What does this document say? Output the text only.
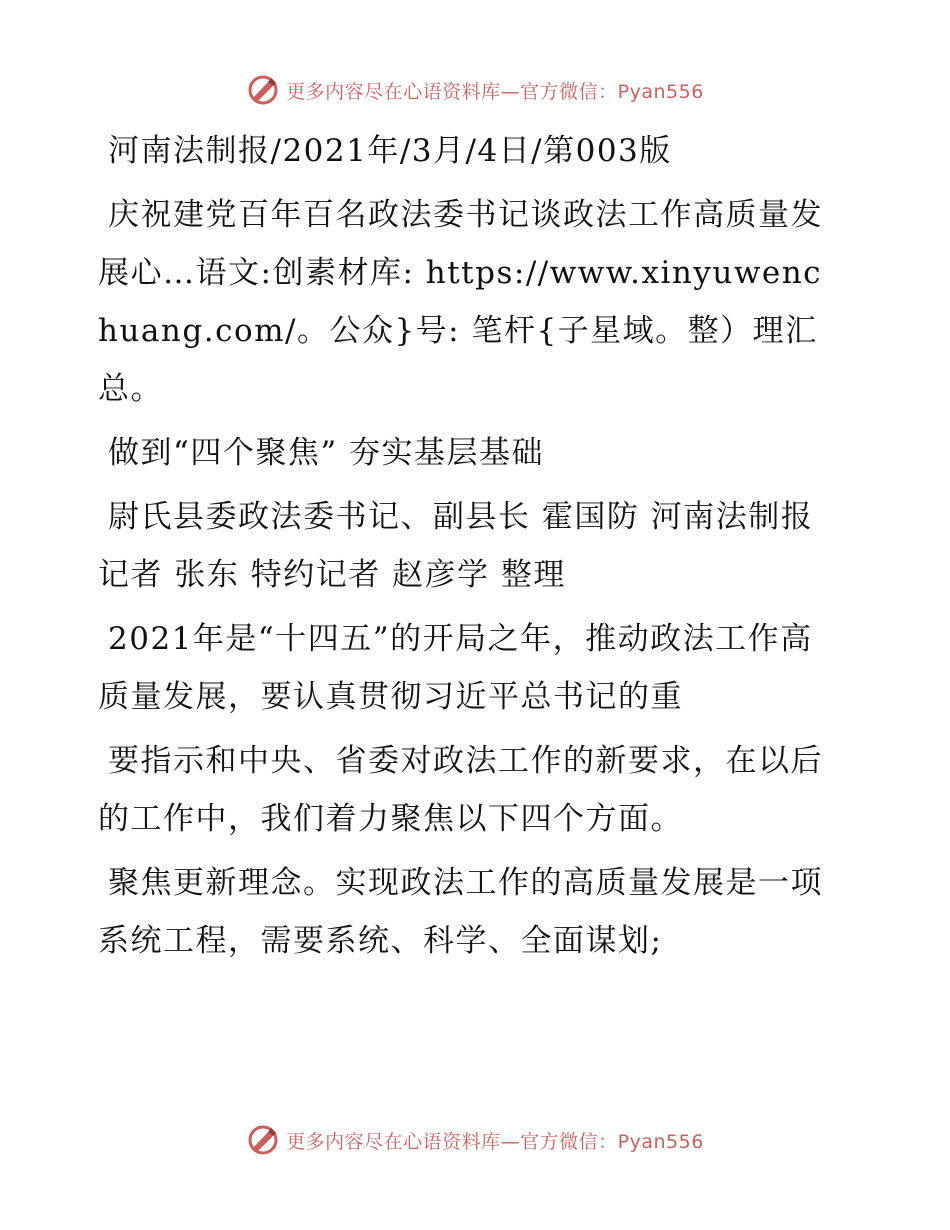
更多内容尽在心语资料库—官方微信：Pyan556

河南法制报/2021年/3月/4日/第003版

庆祝建党百年百名政法委书记谈政法工作高质量发展心…语文:创素材库: https://www.xinyuwenchuang.com/。公众}号: 笔杆{子星域。整）理汇总。

做到“四个聚焦” 夯实基层基础

尉氏县委政法委书记、副县长 霍国防 河南法制报记者 张东 特约记者 赵彦学 整理

2021年是“十四五”的开局之年，推动政法工作高质量发展，要认真贯彻习近平总书记的重

要指示和中央、省委对政法工作的新要求，在以后的工作中，我们着力聚焦以下四个方面。

聚焦更新理念。实现政法工作的高质量发展是一项系统工程，需要系统、科学、全面谋划;

更多内容尽在心语资料库—官方微信：Pyan556
